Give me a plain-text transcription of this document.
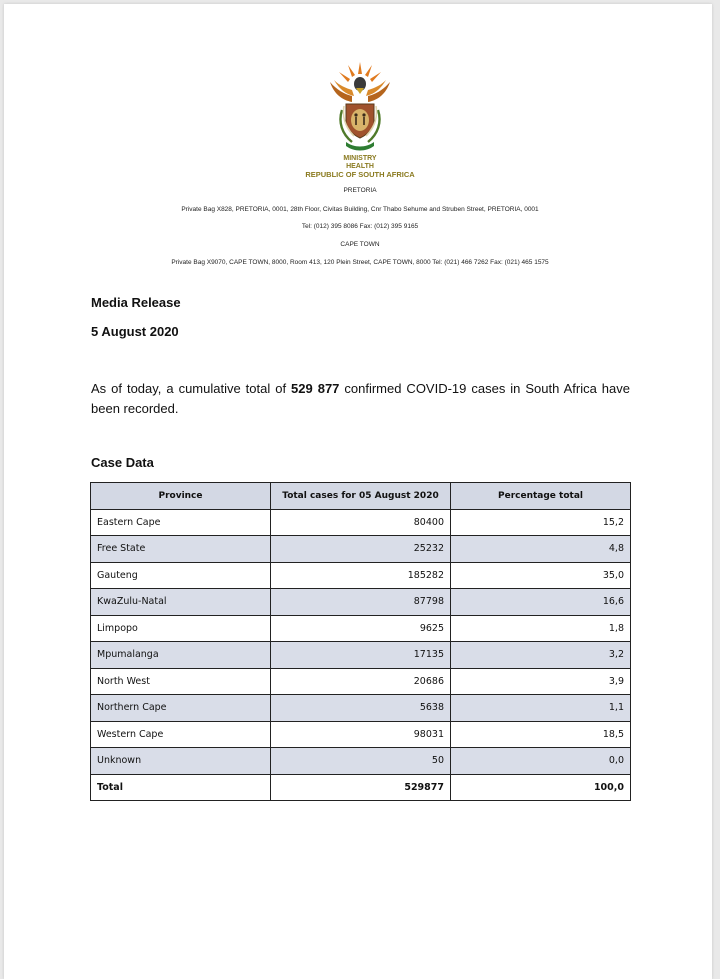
MINISTRY
HEALTH
REPUBLIC OF SOUTH AFRICA
PRETORIA
Private Bag X828, PRETORIA, 0001, 28th Floor, Civitas Building, Cnr Thabo Sehume and Struben Street, PRETORIA, 0001
Tel: (012) 395 8086 Fax: (012) 395 9165
CAPE TOWN
Private Bag X9070, CAPE TOWN, 8000, Room 413, 120 Plein Street, CAPE TOWN, 8000 Tel: (021) 466 7262 Fax: (021) 465 1575
Media Release
5 August 2020
As of today, a cumulative total of 529 877 confirmed COVID-19 cases in South Africa have been recorded.
Case Data
Province	Total cases for 05 August 2020	Percentage total
Eastern Cape	80400	15,2
Free State	25232	4,8
Gauteng	185282	35,0
KwaZulu-Natal	87798	16,6
Limpopo	9625	1,8
Mpumalanga	17135	3,2
North West	20686	3,9
Northern Cape	5638	1,1
Western Cape	98031	18,5
Unknown	50	0,0
Total	529877	100,0
